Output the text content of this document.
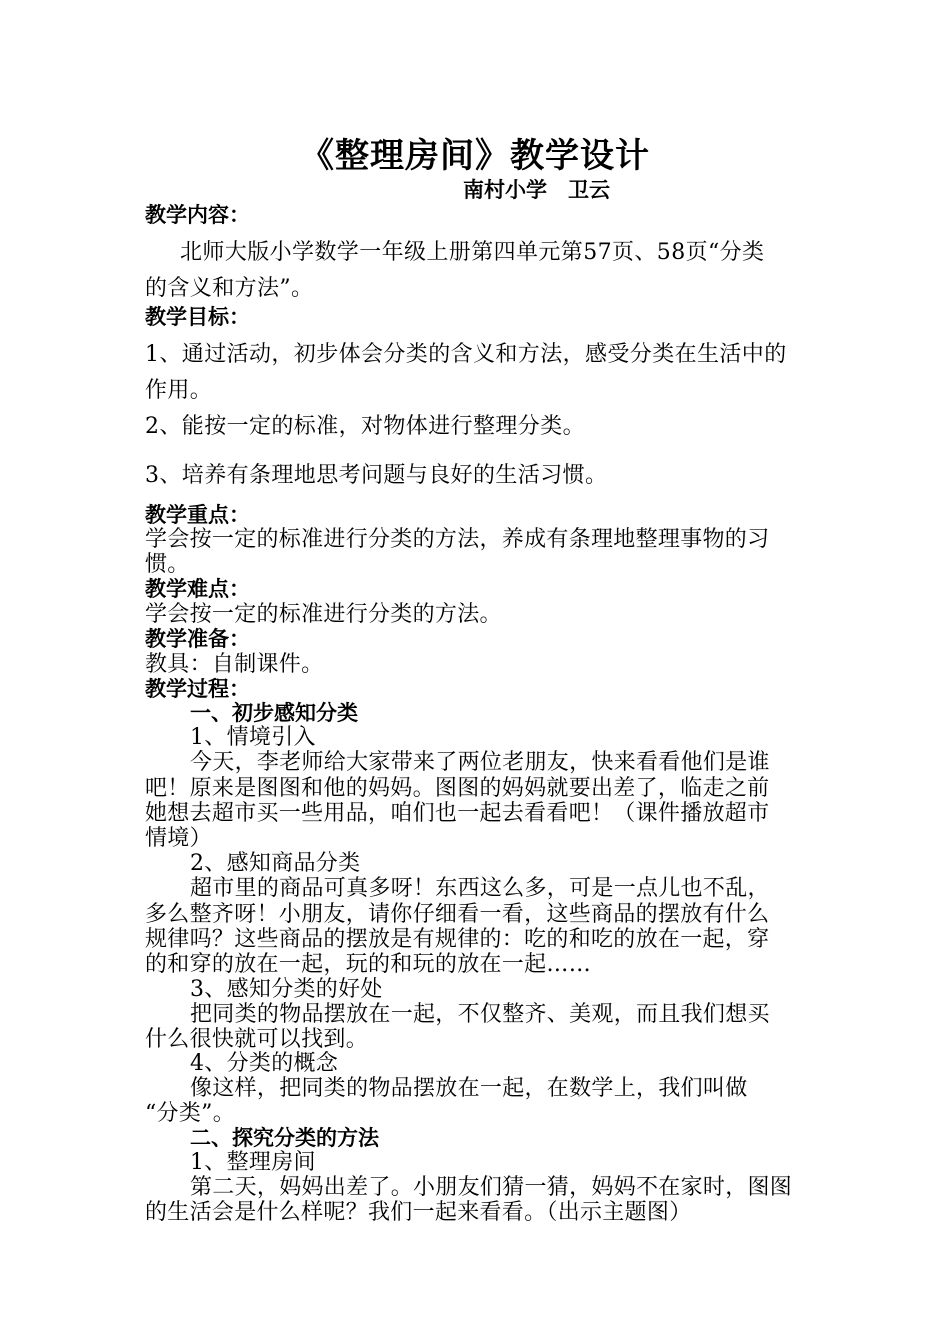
《整理房间》教学设计
南村小学　卫云
教学内容：
北师大版小学数学一年级上册第四单元第57页、58页“分类
的含义和方法”。
教学目标：
1、通过活动，初步体会分类的含义和方法，感受分类在生活中的
作用。
2、能按一定的标准，对物体进行整理分类。
3、培养有条理地思考问题与良好的生活习惯。
教学重点：
学会按一定的标准进行分类的方法，养成有条理地整理事物的习
惯。
教学难点：
学会按一定的标准进行分类的方法。
教学准备：
教具：自制课件。
教学过程：
一、初步感知分类
1、情境引入
今天，李老师给大家带来了两位老朋友，快来看看他们是谁
吧！原来是图图和他的妈妈。图图的妈妈就要出差了，临走之前
她想去超市买一些用品，咱们也一起去看看吧！（课件播放超市
情境）
2、感知商品分类
超市里的商品可真多呀！东西这么多，可是一点儿也不乱，
多么整齐呀！小朋友，请你仔细看一看，这些商品的摆放有什么
规律吗？这些商品的摆放是有规律的：吃的和吃的放在一起，穿
的和穿的放在一起，玩的和玩的放在一起……
3、感知分类的好处
把同类的物品摆放在一起，不仅整齐、美观，而且我们想买
什么很快就可以找到。
4、分类的概念
像这样，把同类的物品摆放在一起，在数学上，我们叫做
“分类”。
二、探究分类的方法
1、整理房间
第二天，妈妈出差了。小朋友们猜一猜，妈妈不在家时，图图
的生活会是什么样呢？我们一起来看看。（出示主题图）
